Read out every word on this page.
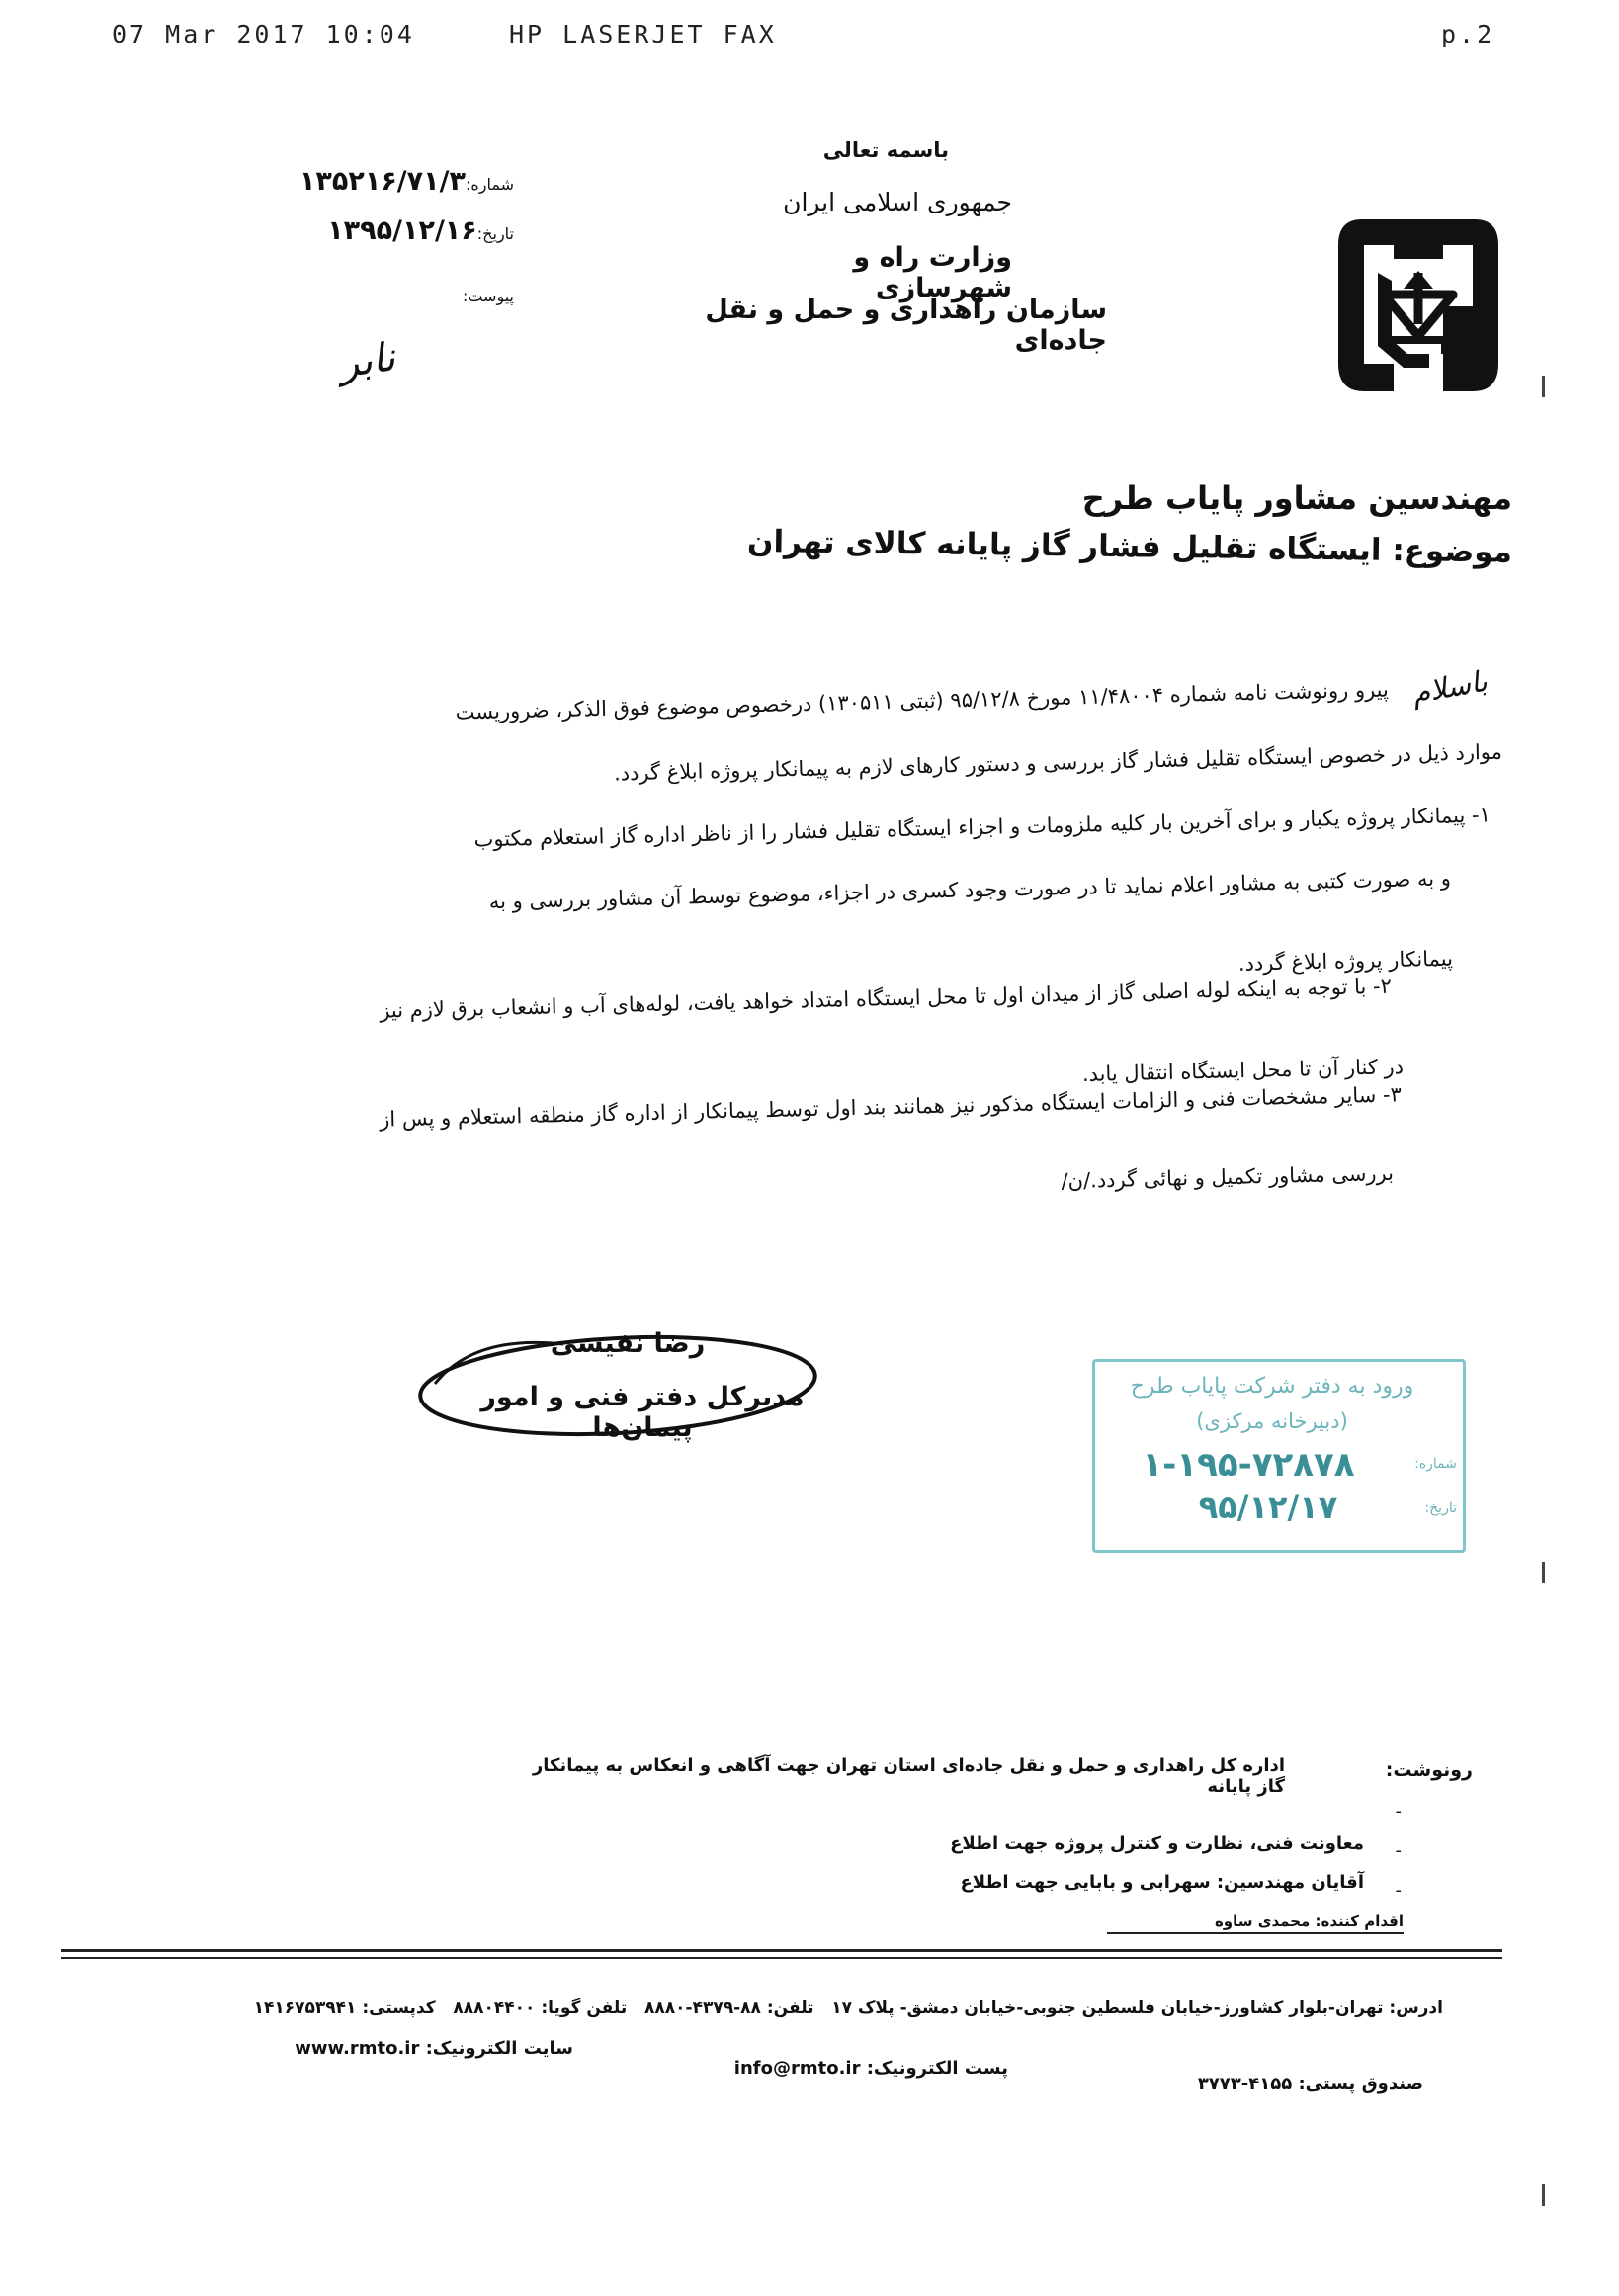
07 Mar 2017 10:04	HP LASERJET FAX	p.2
باسمه تعالی
جمهوری اسلامی ایران
وزارت راه و شهرسازی
سازمان راهداری و حمل و نقل جاده‌ای
شماره:۱۳۵۲۱۶/۷۱/۳
تاریخ:۱۳۹۵/۱۲/۱۶
پیوست:
نابر
مهندسین مشاور پایاب طرح
موضوع: ایستگاه تقلیل فشار گاز پایانه کالای تهران
باسلام
پیرو رونوشت نامه شماره ۱۱/۴۸۰۰۴ مورخ ۹۵/۱۲/۸ (ثبتی ۱۳۰۵۱۱) درخصوص موضوع فوق الذکر، ضروریست
موارد ذیل در خصوص ایستگاه تقلیل فشار گاز بررسی و دستور کارهای لازم به پیمانکار پروژه ابلاغ گردد.
۱- پیمانکار پروژه یکبار و برای آخرین بار کلیه ملزومات و اجزاء ایستگاه تقلیل فشار را از ناظر اداره گاز استعلام مکتوب
و به صورت کتبی به مشاور اعلام نماید تا در صورت وجود کسری در اجزاء، موضوع توسط آن مشاور بررسی و به
پیمانکار پروژه ابلاغ گردد.
۲- با توجه به اینکه لوله اصلی گاز از میدان اول تا محل ایستگاه امتداد خواهد یافت، لوله‌های آب و انشعاب برق لازم نیز
در کنار آن تا محل ایستگاه انتقال یابد.
۳- سایر مشخصات فنی و الزامات ایستگاه مذکور نیز همانند بند اول توسط پیمانکار از اداره گاز منطقه استعلام و پس از
بررسی مشاور تکمیل و نهائی گردد./ن/
رضا نفیسی
مدیرکل دفتر فنی و امور پیمان‌ها
ورود به دفتر شرکت پایاب طرح
(دبیرخانه مرکزی)
شماره:
۱-۱۹۵-۷۲۸۷۸
تاریخ:
۹۵/۱۲/۱۷
رونوشت:
اداره کل راهداری و حمل و نقل جاده‌ای استان تهران جهت آگاهی و انعکاس به پیمانکار گاز پایانه
-
-
معاونت فنی، نظارت و کنترل پروژه جهت اطلاع
-
آقایان مهندسین: سهرابی و بابایی جهت اطلاع
اقدام کننده: محمدی ساوه
ادرس: تهران-بلوار کشاورز-خیابان فلسطین جنوبی-خیابان دمشق- پلاک ۱۷   تلفن: ۸۸-۴۳۷۹-۸۸۸۰   تلفن گویا: ۸۸۸۰۴۴۰۰   کدپستی: ۱۴۱۶۷۵۳۹۴۱
سایت الکترونیک: www.rmto.ir
پست الکترونیک: info@rmto.ir
صندوق پستی: ۴۱۵۵-۳۷۷۳
